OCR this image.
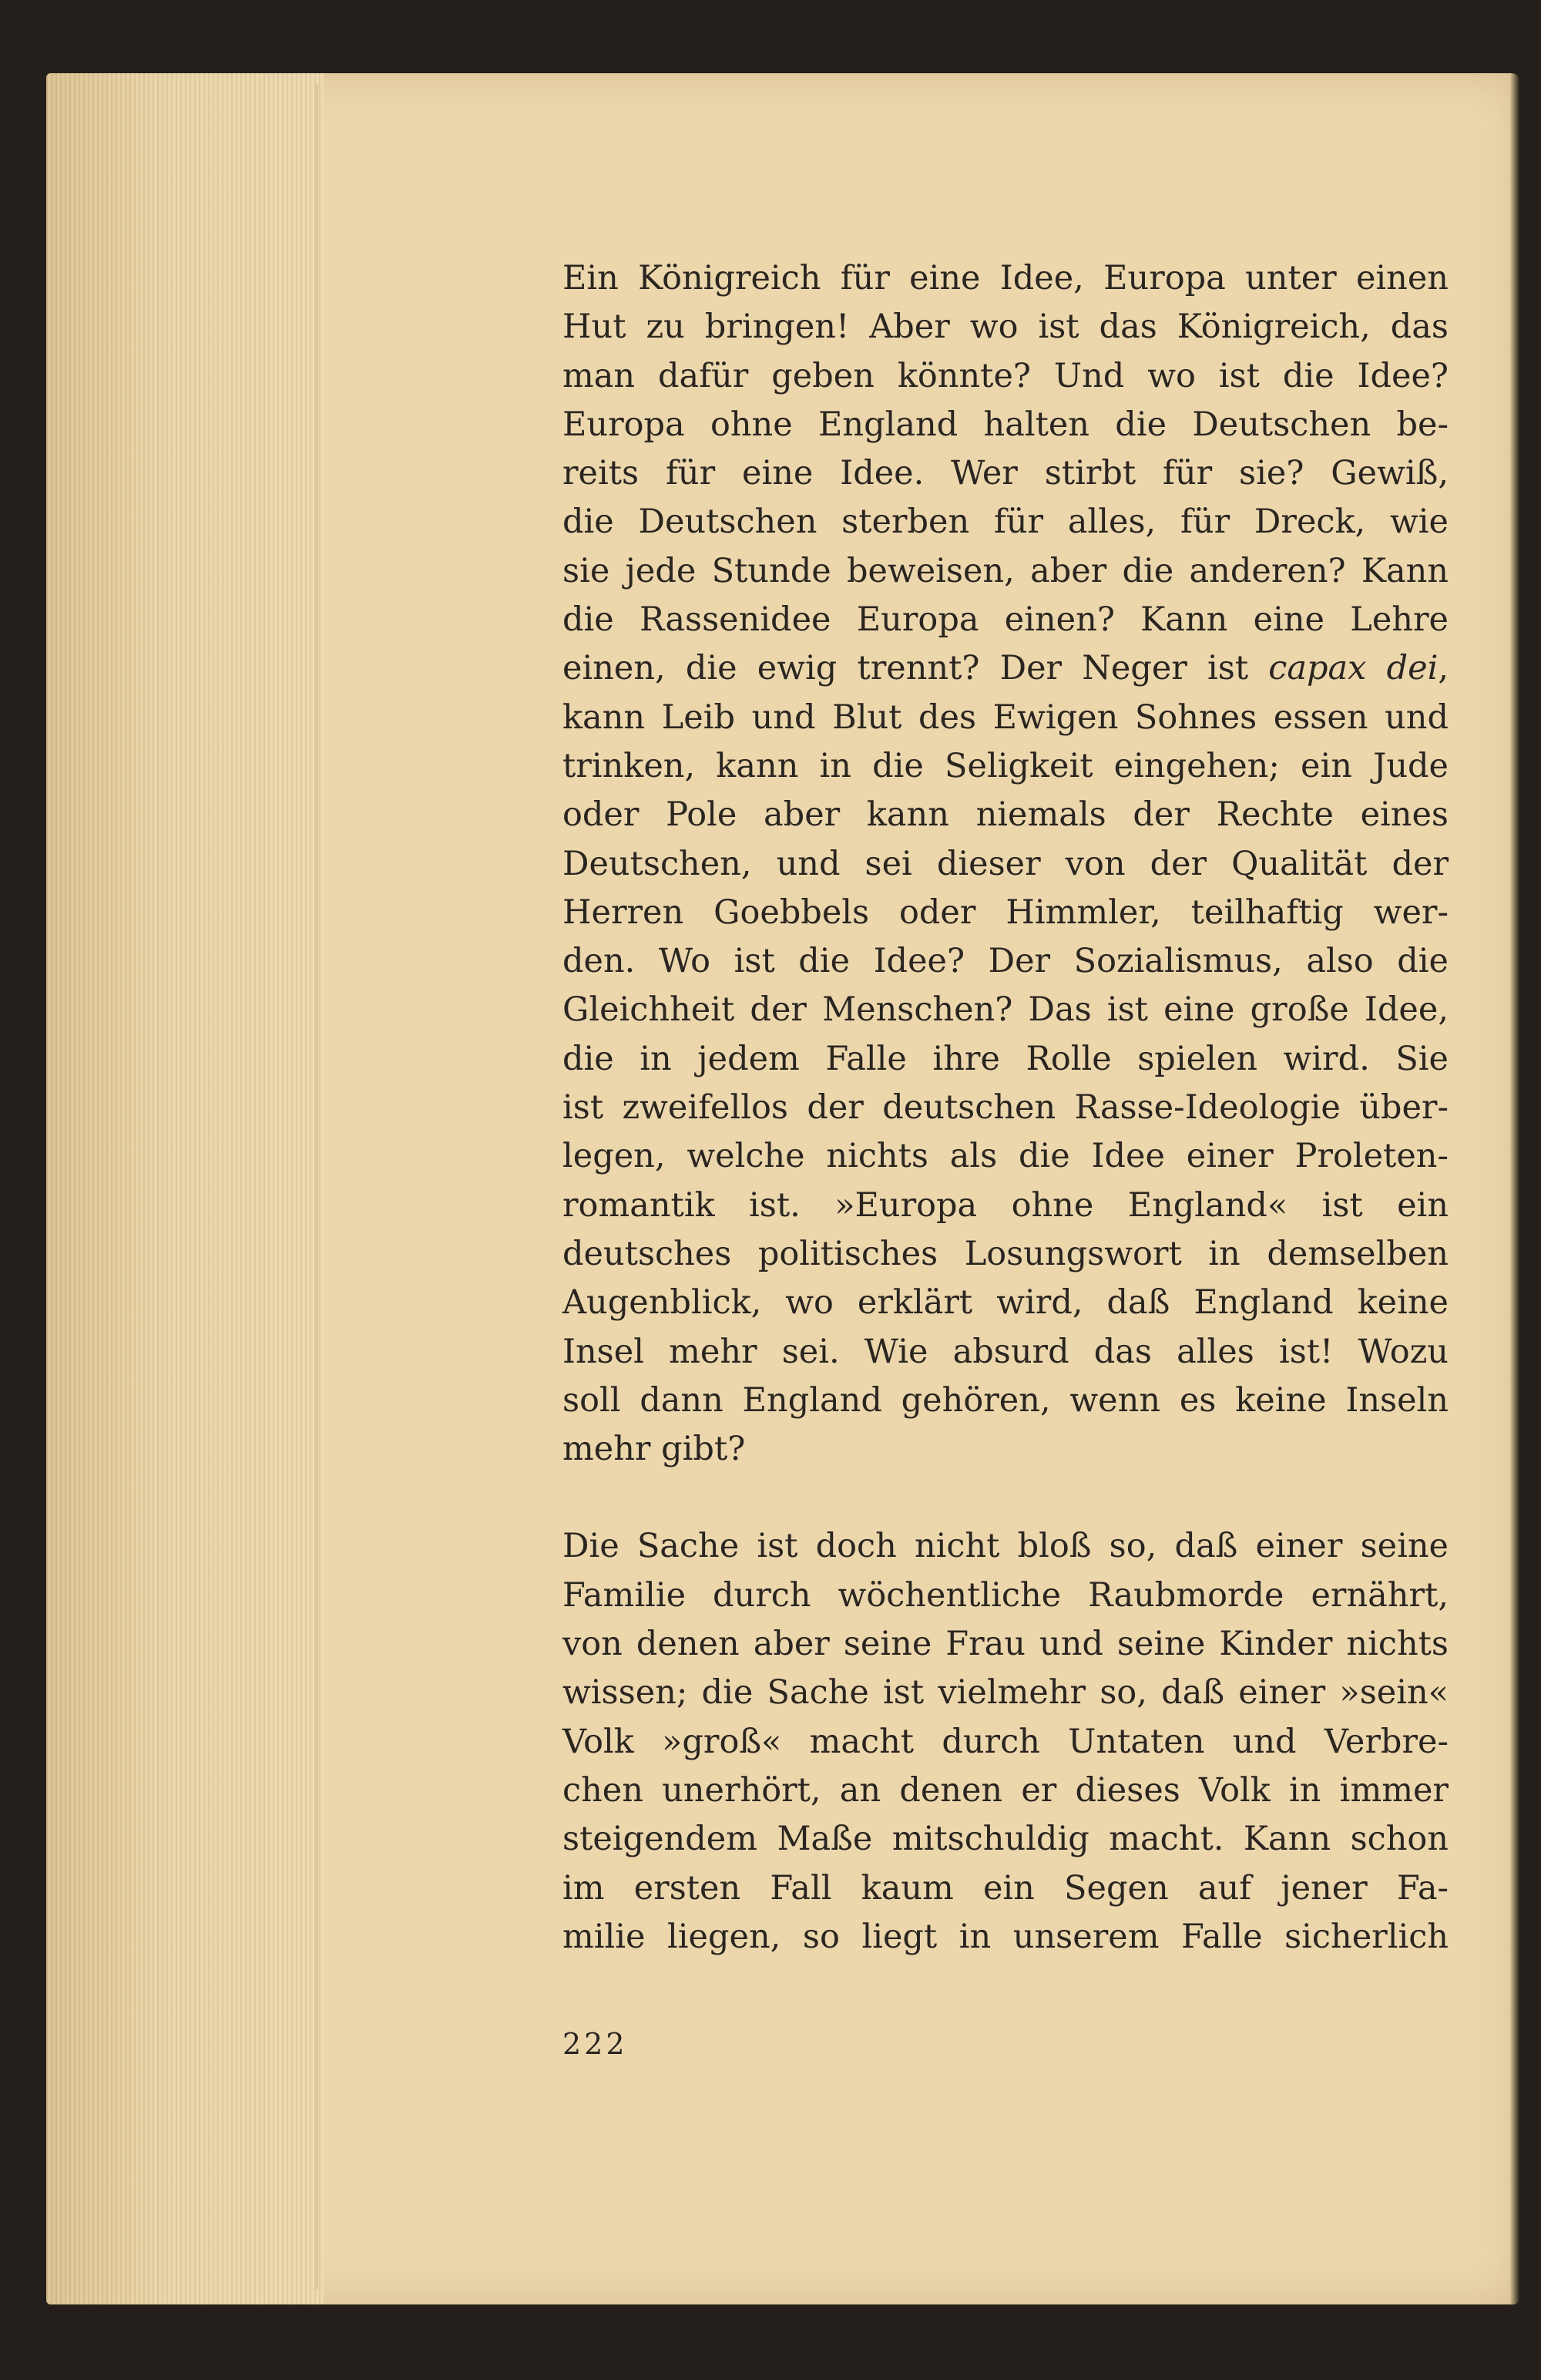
Ein Königreich für eine Idee, Europa unter einen
Hut zu bringen! Aber wo ist das Königreich, das
man dafür geben könnte? Und wo ist die Idee?
Europa ohne England halten die Deutschen be-
reits für eine Idee. Wer stirbt für sie? Gewiß,
die Deutschen sterben für alles, für Dreck, wie
sie jede Stunde beweisen, aber die anderen? Kann
die Rassenidee Europa einen? Kann eine Lehre
einen, die ewig trennt? Der Neger ist capax dei,
kann Leib und Blut des Ewigen Sohnes essen und
trinken, kann in die Seligkeit eingehen; ein Jude
oder Pole aber kann niemals der Rechte eines
Deutschen, und sei dieser von der Qualität der
Herren Goebbels oder Himmler, teilhaftig wer-
den. Wo ist die Idee? Der Sozialismus, also die
Gleichheit der Menschen? Das ist eine große Idee,
die in jedem Falle ihre Rolle spielen wird. Sie
ist zweifellos der deutschen Rasse-Ideologie über-
legen, welche nichts als die Idee einer Proleten-
romantik ist. »Europa ohne England« ist ein
deutsches politisches Losungswort in demselben
Augenblick, wo erklärt wird, daß England keine
Insel mehr sei. Wie absurd das alles ist! Wozu
soll dann England gehören, wenn es keine Inseln
mehr gibt?
Die Sache ist doch nicht bloß so, daß einer seine
Familie durch wöchentliche Raubmorde ernährt,
von denen aber seine Frau und seine Kinder nichts
wissen; die Sache ist vielmehr so, daß einer »sein«
Volk »groß« macht durch Untaten und Verbre-
chen unerhört, an denen er dieses Volk in immer
steigendem Maße mitschuldig macht. Kann schon
im ersten Fall kaum ein Segen auf jener Fa-
milie liegen, so liegt in unserem Falle sicherlich
222
